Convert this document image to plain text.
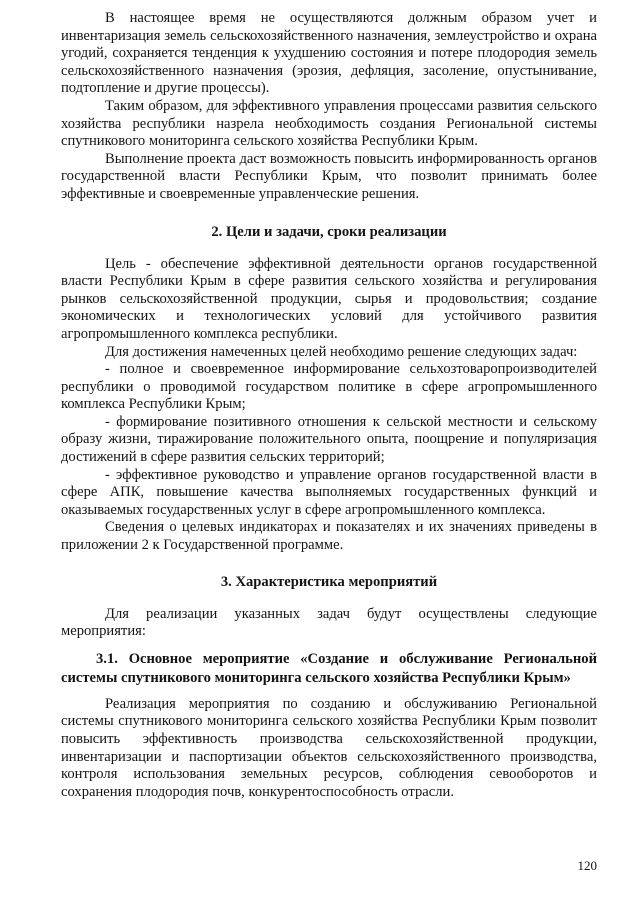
В настоящее время не осуществляются должным образом учет и инвентаризация земель сельскохозяйственного назначения, землеустройство и охрана угодий, сохраняется тенденция к ухудшению состояния и потере плодородия земель сельскохозяйственного назначения (эрозия, дефляция, засоление, опустынивание, подтопление и другие процессы).

Таким образом, для эффективного управления процессами развития сельского хозяйства республики назрела необходимость создания Региональной системы спутникового мониторинга сельского хозяйства Республики Крым.

Выполнение проекта даст возможность повысить информированность органов государственной власти Республики Крым, что позволит принимать более эффективные и своевременные управленческие решения.

2. Цели и задачи, сроки реализации

Цель - обеспечение эффективной деятельности органов государственной власти Республики Крым в сфере развития сельского хозяйства и регулирования рынков сельскохозяйственной продукции, сырья и продовольствия; создание экономических и технологических условий для устойчивого развития агропромышленного комплекса республики.

Для достижения намеченных целей необходимо решение следующих задач:

- полное и своевременное информирование сельхозтоваропроизводителей республики о проводимой государством политике в сфере агропромышленного комплекса Республики Крым;

- формирование позитивного отношения к сельской местности и сельскому образу жизни, тиражирование положительного опыта, поощрение и популяризация достижений в сфере развития сельских территорий;

- эффективное руководство и управление органов государственной власти в сфере АПК, повышение качества выполняемых государственных функций и оказываемых государственных услуг в сфере агропромышленного комплекса.

Сведения о целевых индикаторах и показателях и их значениях приведены в приложении 2 к Государственной программе.

3. Характеристика мероприятий

Для реализации указанных задач будут осуществлены следующие мероприятия:

3.1. Основное мероприятие «Создание и обслуживание Региональной системы спутникового мониторинга сельского хозяйства Республики Крым»

Реализация мероприятия по созданию и обслуживанию Региональной системы спутникового мониторинга сельского хозяйства Республики Крым позволит повысить эффективность производства сельскохозяйственной продукции, инвентаризации и паспортизации объектов сельскохозяйственного производства, контроля использования земельных ресурсов, соблюдения севооборотов и сохранения плодородия почв, конкурентоспособность отрасли.

120
